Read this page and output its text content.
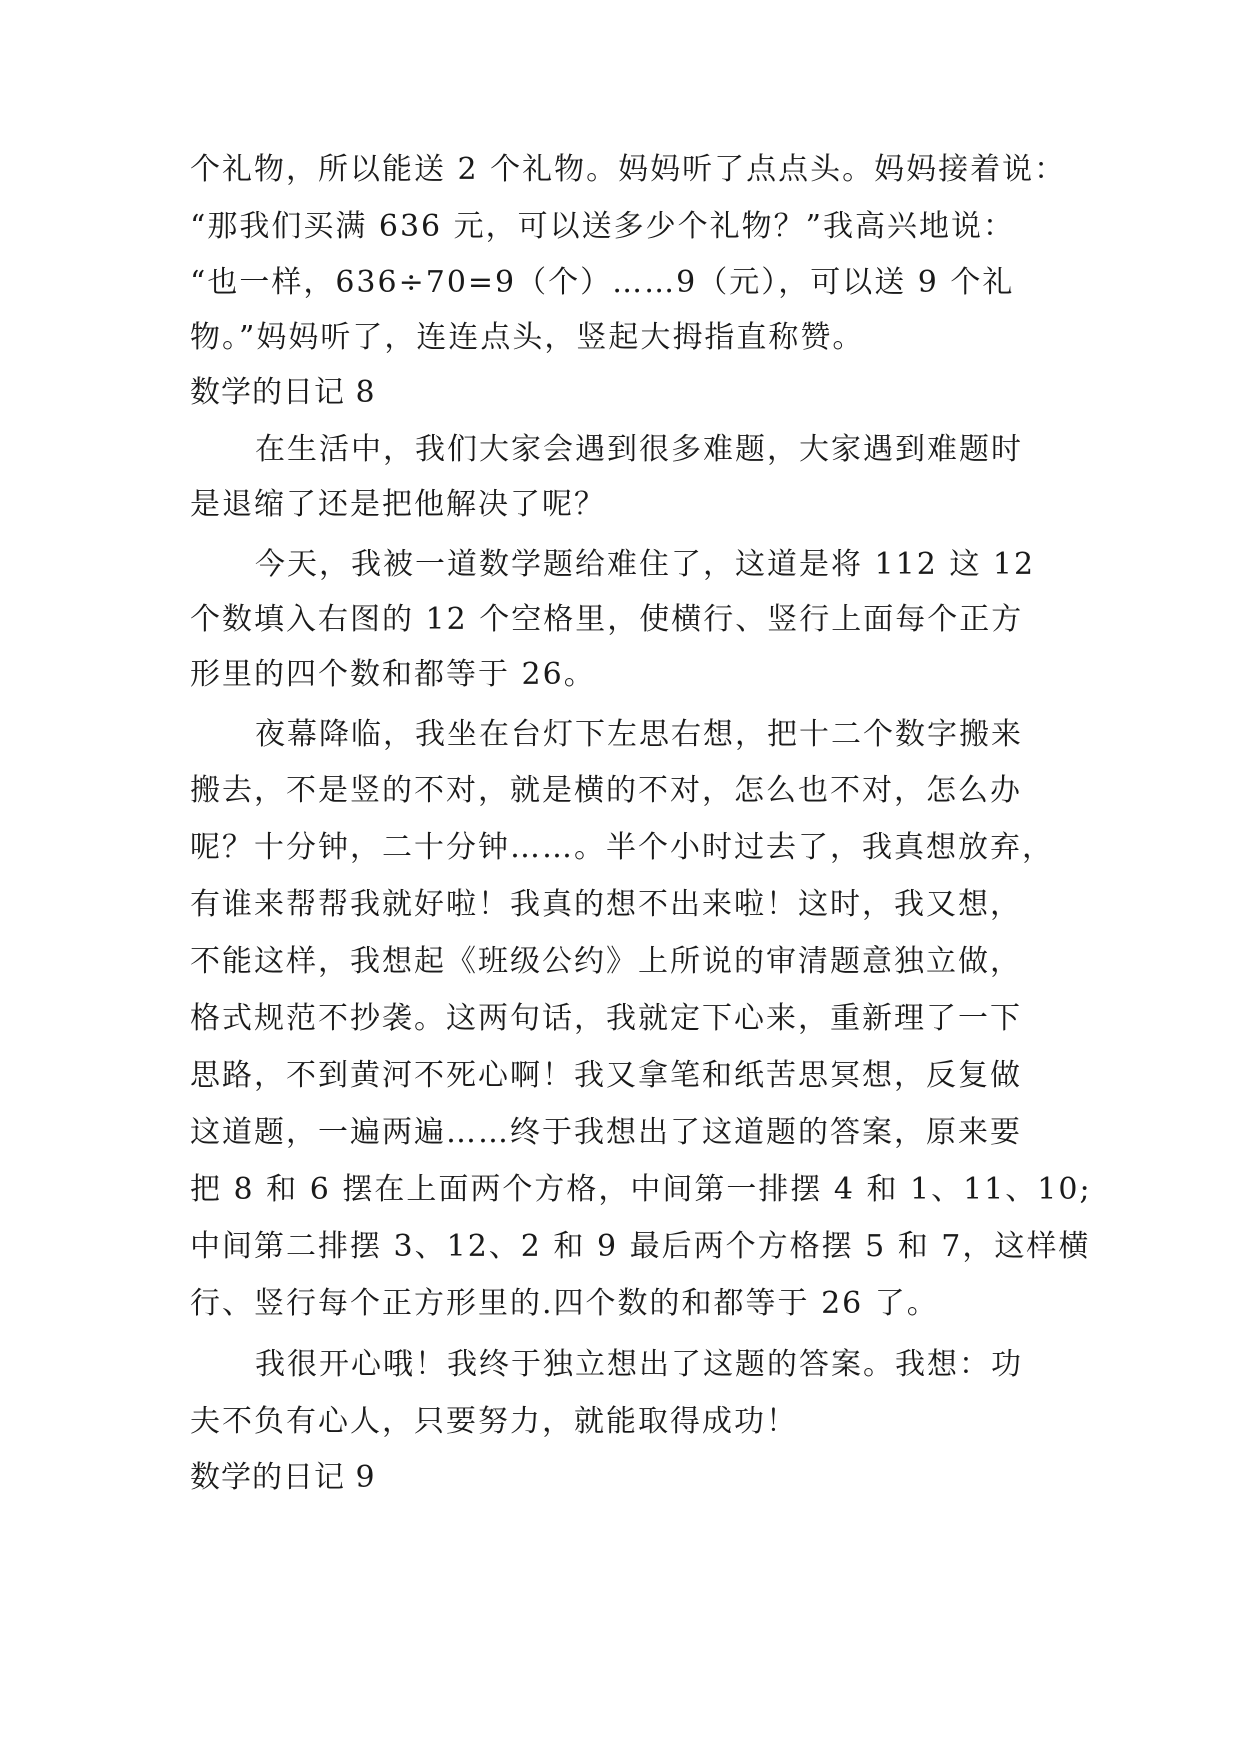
个礼物，所以能送 2 个礼物。妈妈听了点点头。妈妈接着说：
“那我们买满 636 元，可以送多少个礼物？”我高兴地说：
“也一样，636÷70=9（个）……9（元），可以送 9 个礼
物。”妈妈听了，连连点头，竖起大拇指直称赞。
数学的日记 8
在生活中，我们大家会遇到很多难题，大家遇到难题时
是退缩了还是把他解决了呢？
今天，我被一道数学题给难住了，这道是将 112 这 12
个数填入右图的 12 个空格里，使横行、竖行上面每个正方
形里的四个数和都等于 26。
夜幕降临，我坐在台灯下左思右想，把十二个数字搬来
搬去，不是竖的不对，就是横的不对，怎么也不对，怎么办
呢？十分钟，二十分钟……。半个小时过去了，我真想放弃，
有谁来帮帮我就好啦！我真的想不出来啦！这时，我又想，
不能这样，我想起《班级公约》上所说的审清题意独立做，
格式规范不抄袭。这两句话，我就定下心来，重新理了一下
思路，不到黄河不死心啊！我又拿笔和纸苦思冥想，反复做
这道题，一遍两遍……终于我想出了这道题的答案，原来要
把 8 和 6 摆在上面两个方格，中间第一排摆 4 和 1、11、10;
中间第二排摆 3、12、2 和 9 最后两个方格摆 5 和 7，这样横
行、竖行每个正方形里的.四个数的和都等于 26 了。
我很开心哦！我终于独立想出了这题的答案。我想：功
夫不负有心人，只要努力，就能取得成功！
数学的日记 9
